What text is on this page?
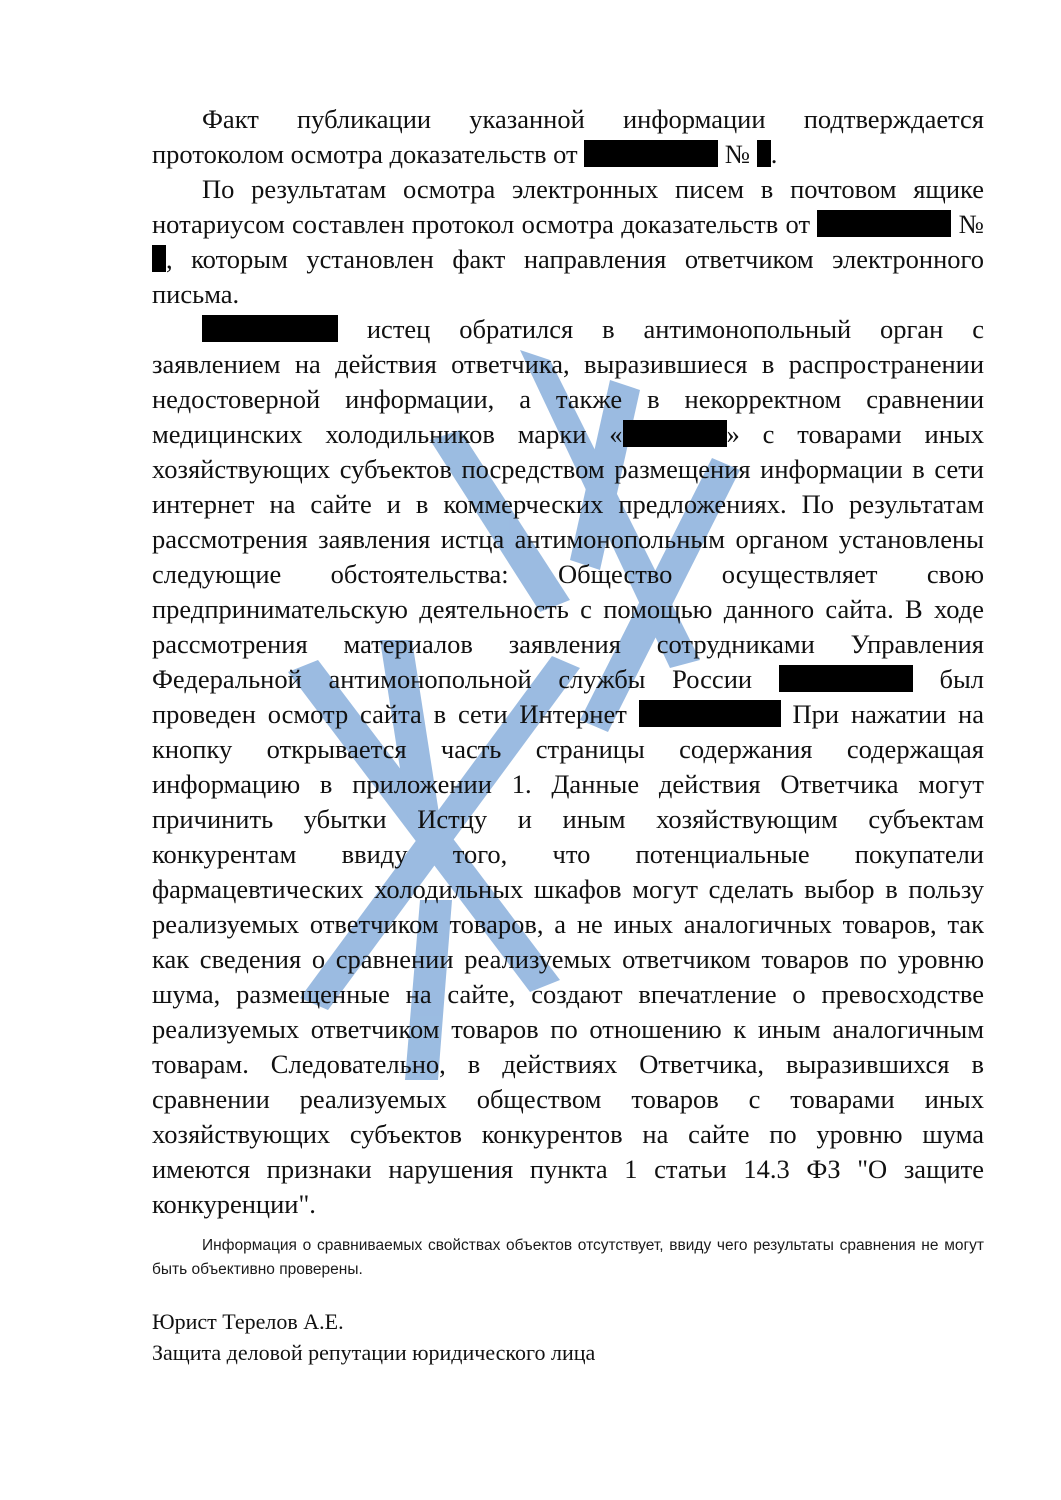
Факт публикации указанной информации подтверждается протоколом осмотра доказательств от	№ .

По результатам осмотра электронных писем в почтовом ящике нотариусом составлен протокол осмотра доказательств от	№ , которым установлен факт направления ответчиком электронного письма.

истец обратился в антимонопольный орган с заявлением на действия ответчика, выразившиеся в распространении недостоверной информации, а также в некорректном сравнении медицинских холодильников марки «	» с товарами иных хозяйствующих субъектов посредством размещения информации в сети интернет на сайте и в коммерческих предложениях. По результатам рассмотрения заявления истца антимонопольным органом установлены следующие обстоятельства: Общество осуществляет свою предпринимательскую деятельность с помощью данного сайта. В ходе рассмотрения материалов заявления сотрудниками Управления Федеральной антимонопольной службы России	был проведен осмотр сайта в сети Интернет	При нажатии на кнопку открывается часть страницы содержания содержащая информацию в приложении 1. Данные действия Ответчика могут причинить убытки Истцу и иным хозяйствующим субъектам конкурентам ввиду того, что потенциальные покупатели фармацевтических холодильных шкафов могут сделать выбор в пользу реализуемых ответчиком товаров, а не иных аналогичных товаров, так как сведения о сравнении реализуемых ответчиком товаров по уровню шума, размещенные на сайте, создают впечатление о превосходстве реализуемых ответчиком товаров по отношению к иным аналогичным товарам. Следовательно, в действиях Ответчика, выразившихся в сравнении реализуемых обществом товаров с товарами иных хозяйствующих субъектов конкурентов на сайте по уровню шума имеются признаки нарушения пункта 1 статьи 14.3 ФЗ "О защите конкуренции".

Информация о сравниваемых свойствах объектов отсутствует, ввиду чего результаты сравнения не могут быть объективно проверены.

Юрист Терелов А.Е.
Защита деловой репутации юридического лица
